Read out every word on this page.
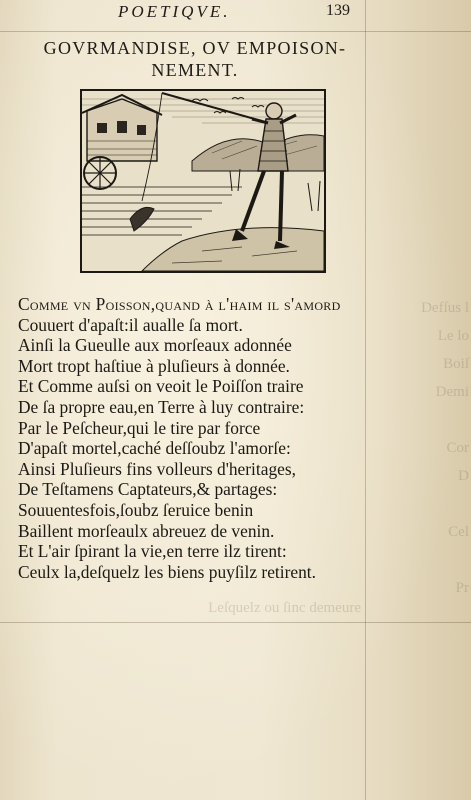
Defſus l
Le lo
Boiſ
Demi
Cor
D
Cel
Pr
Leſquelz ou ſinc demeure
POETIQVE.	139
GOVRMANDISE, OV EMPOISON-
NEMENT.
Comme vn Poiſſon,quand à l'haim il s'amord
Couuert d'apaſt:il aualle ſa mort.
Ainſi la Gueulle aux morſeaux adonnée
Mort tropt haſtiue à pluſieurs à donnée.
Et Comme auſsi on veoit le Poiſſon traire
De ſa propre eau,en Terre à luy contraire:
Par le Peſcheur,qui le tire par force
D'apaſt mortel,caché deſſoubz l'amorſe:
Ainsi Pluſieurs fins volleurs d'heritages,
De Teſtamens Captateurs,& partages:
Souuentesfois,ſoubz ſeruice benin
Baillent morſeaulx abreuez de venin.
Et L'air ſpirant la vie,en terre ilz tirent:
Ceulx la,deſquelz les biens puyſilz retirent.
